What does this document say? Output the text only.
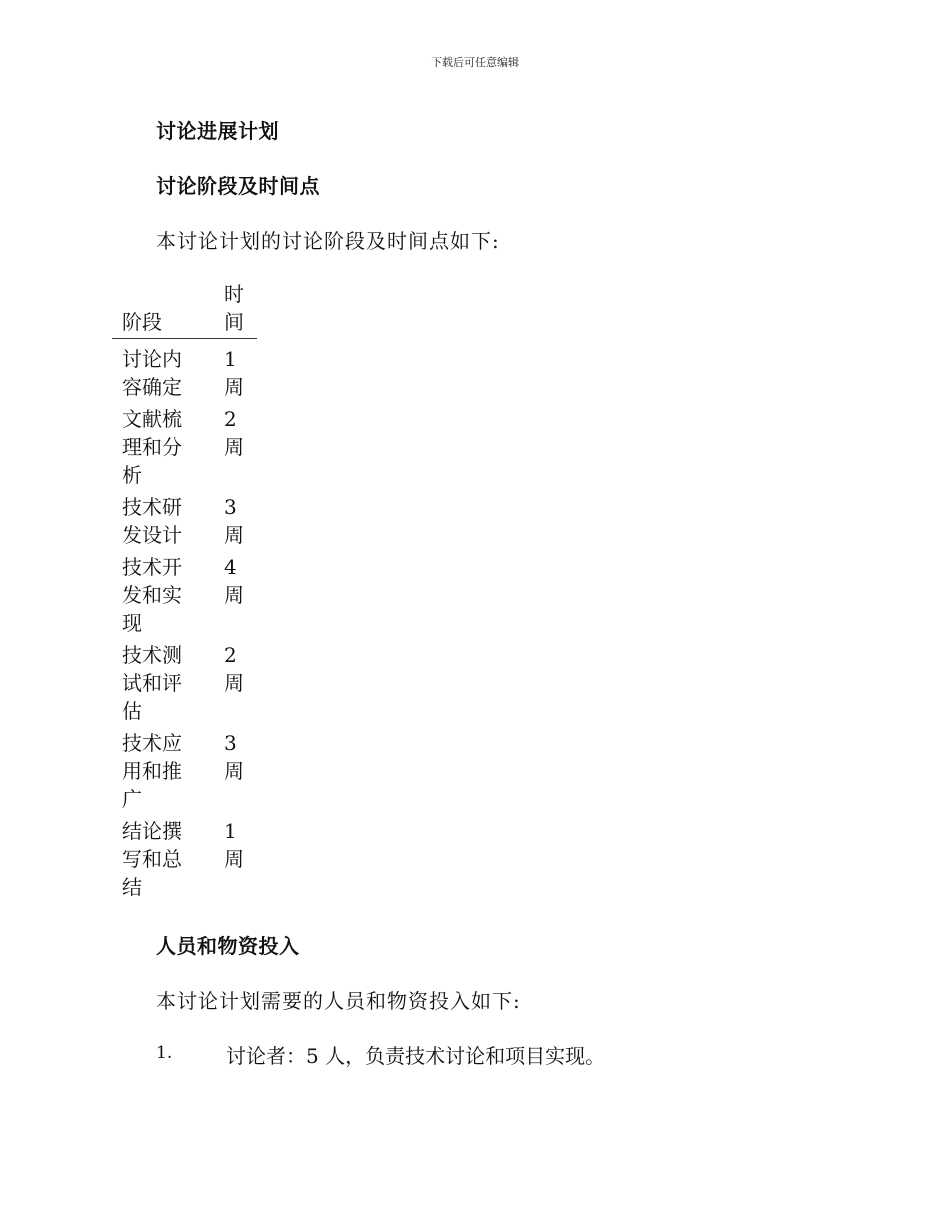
下载后可任意编辑
讨论进展计划
讨论阶段及时间点
本讨论计划的讨论阶段及时间点如下:
阶段
时间
讨论内容确定
1周
文献梳理和分析
2周
技术研发设计
3周
技术开发和实现
4周
技术测试和评估
2周
技术应用和推广
3周
结论撰写和总结
1周
人员和物资投入
本讨论计划需要的人员和物资投入如下:
1.	讨论者：5 人，负责技术讨论和项目实现。
